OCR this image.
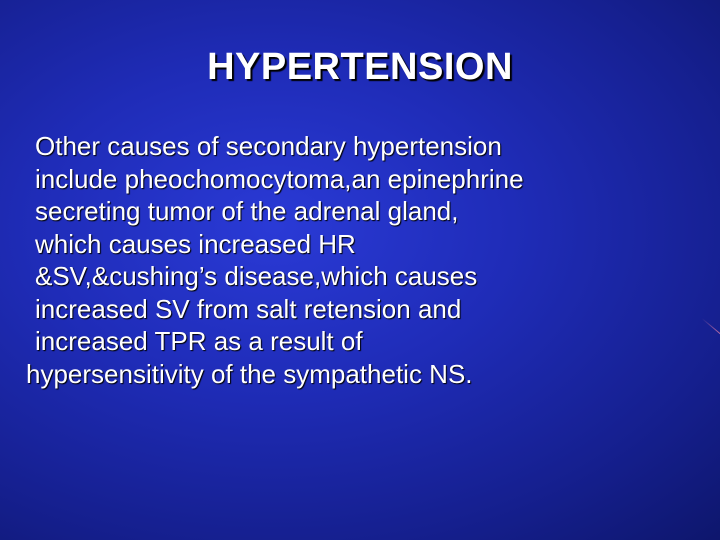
HYPERTENSION
Other causes of secondary hypertension
include pheochomocytoma,an epinephrine
secreting tumor of the adrenal gland,
which causes increased HR
&SV,&cushing’s disease,which causes
increased SV from salt retension and
increased TPR as a result of
hypersensitivity of the sympathetic NS.
